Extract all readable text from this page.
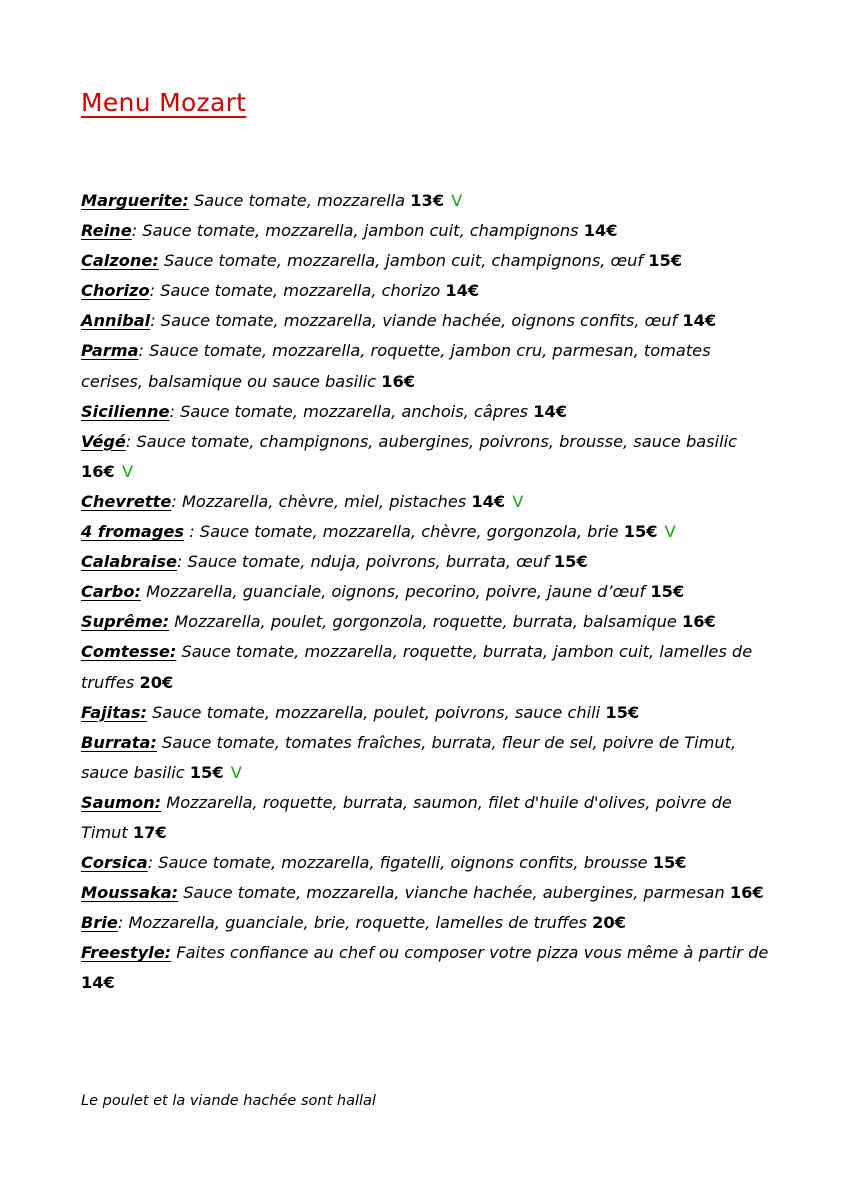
Menu Mozart
Marguerite: Sauce tomate, mozzarella 13€ V
Reine: Sauce tomate, mozzarella, jambon cuit, champignons 14€
Calzone: Sauce tomate, mozzarella, jambon cuit, champignons, œuf 15€
Chorizo: Sauce tomate, mozzarella, chorizo 14€
Annibal: Sauce tomate, mozzarella, viande hachée, oignons confits, œuf 14€
Parma: Sauce tomate, mozzarella, roquette, jambon cru, parmesan, tomates cerises, balsamique ou sauce basilic 16€
Sicilienne: Sauce tomate, mozzarella, anchois, câpres 14€
Végé: Sauce tomate, champignons, aubergines, poivrons, brousse, sauce basilic 16€ V
Chevrette: Mozzarella, chèvre, miel, pistaches 14€ V
4 fromages : Sauce tomate, mozzarella, chèvre, gorgonzola, brie 15€ V
Calabraise: Sauce tomate, nduja, poivrons, burrata, œuf 15€
Carbo: Mozzarella, guanciale, oignons, pecorino, poivre, jaune d’œuf 15€
Suprême: Mozzarella, poulet, gorgonzola, roquette, burrata, balsamique 16€
Comtesse: Sauce tomate, mozzarella, roquette, burrata, jambon cuit, lamelles de truffes 20€
Fajitas: Sauce tomate, mozzarella, poulet, poivrons, sauce chili 15€
Burrata: Sauce tomate, tomates fraîches, burrata, fleur de sel, poivre de Timut, sauce basilic 15€ V
Saumon: Mozzarella, roquette, burrata, saumon, filet d'huile d'olives, poivre de Timut 17€
Corsica: Sauce tomate, mozzarella, figatelli, oignons confits, brousse 15€
Moussaka: Sauce tomate, mozzarella, vianche hachée, aubergines, parmesan 16€
Brie: Mozzarella, guanciale, brie, roquette, lamelles de truffes 20€
Freestyle: Faites confiance au chef ou composer votre pizza vous même à partir de 14€

Le poulet et la viande hachée sont hallal
